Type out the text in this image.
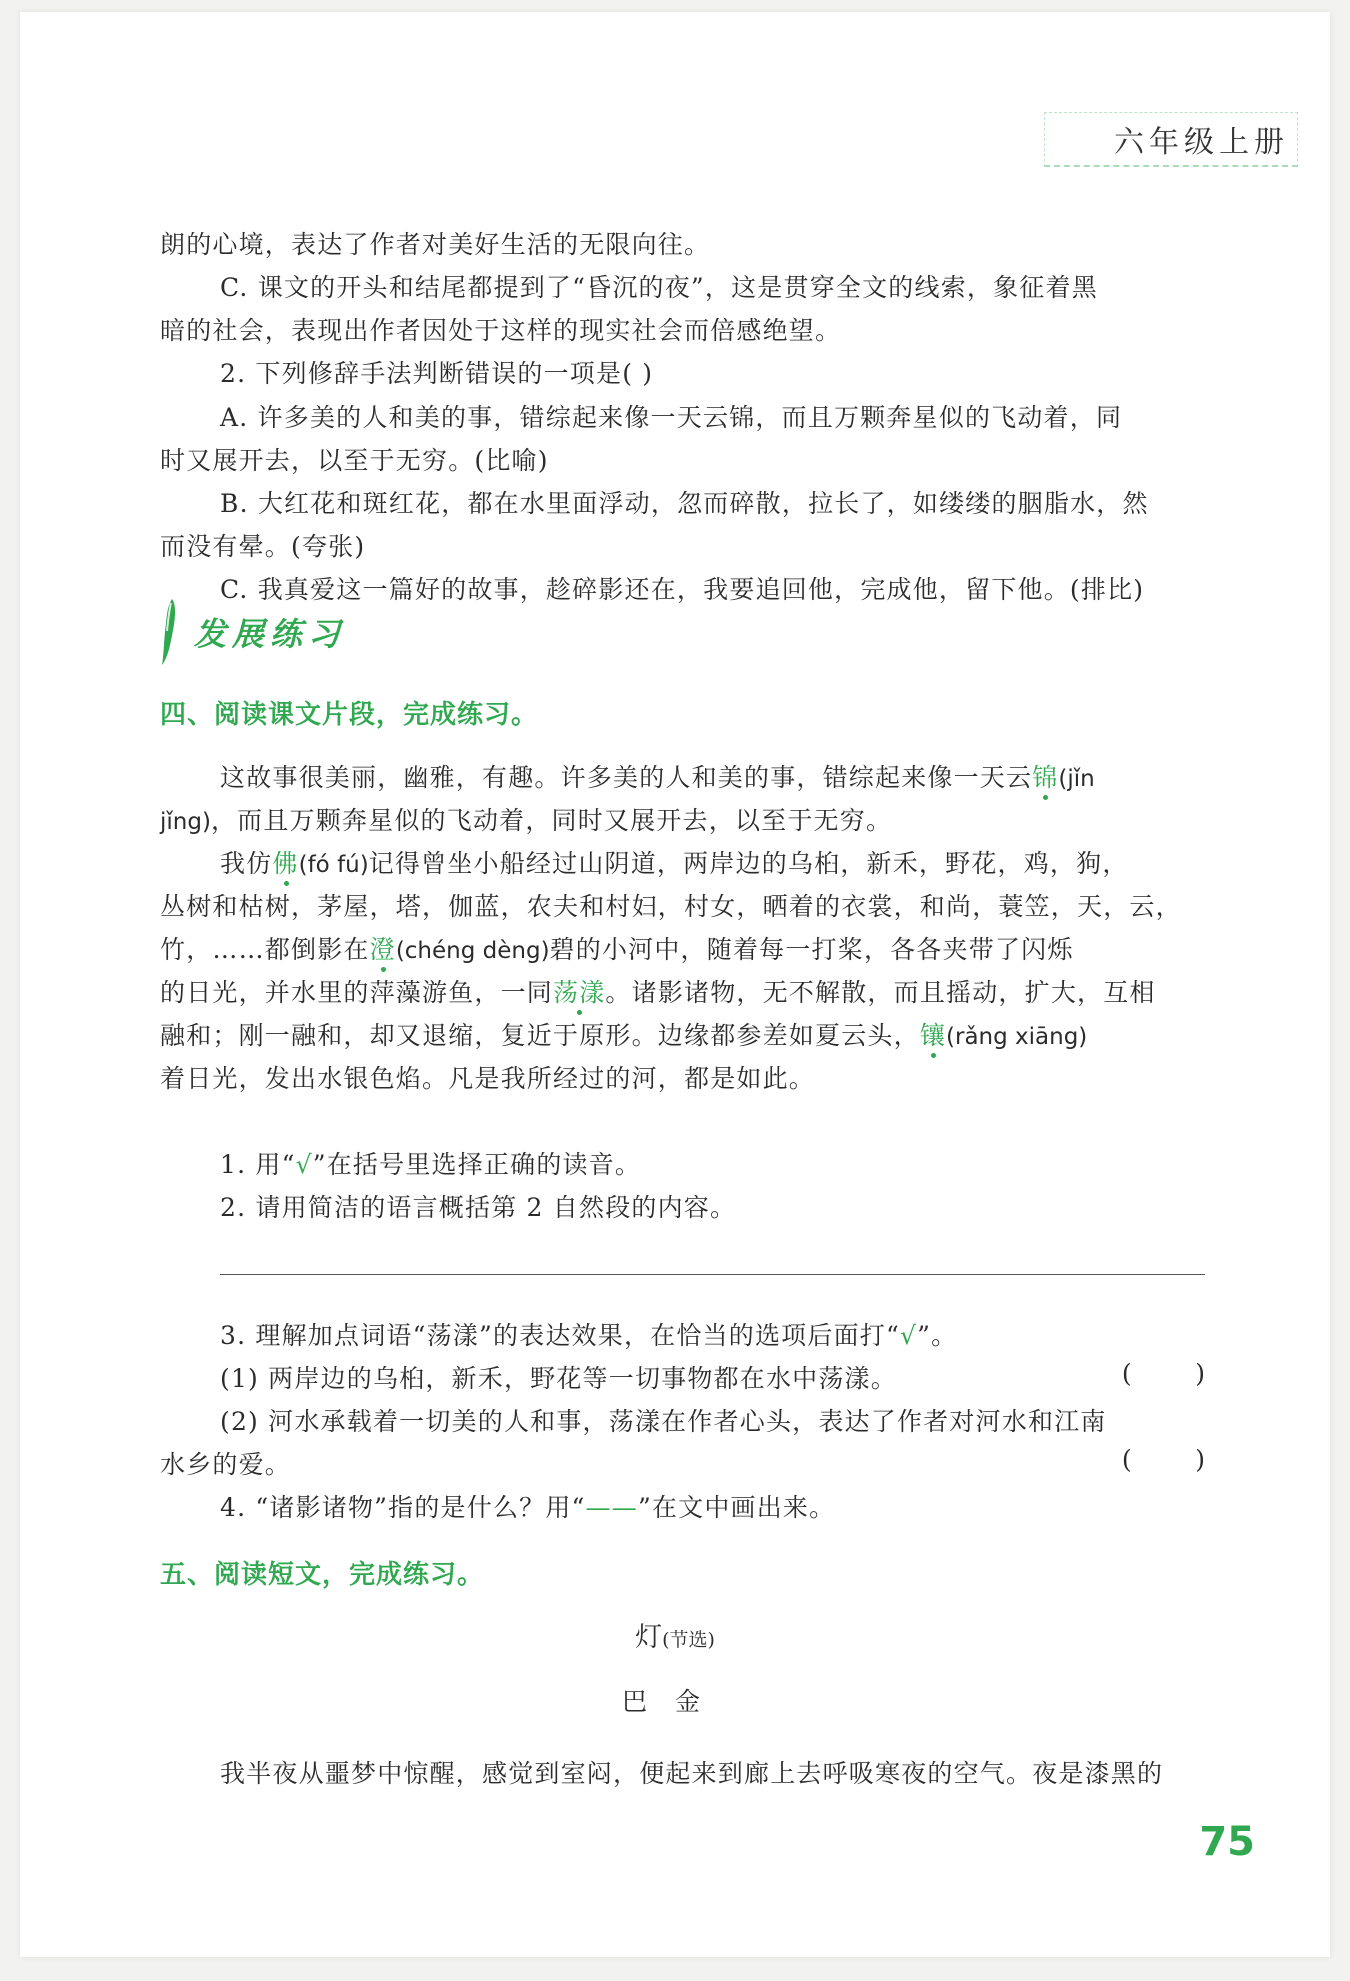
六年级上册
朗的心境，表达了作者对美好生活的无限向往。
C. 课文的开头和结尾都提到了“昏沉的夜”，这是贯穿全文的线索，象征着黑
暗的社会，表现出作者因处于这样的现实社会而倍感绝望。
2. 下列修辞手法判断错误的一项是( )
A. 许多美的人和美的事，错综起来像一天云锦，而且万颗奔星似的飞动着，同
时又展开去，以至于无穷。(比喻)
B. 大红花和斑红花，都在水里面浮动，忽而碎散，拉长了，如缕缕的胭脂水，然
而没有晕。(夸张)
C. 我真爱这一篇好的故事，趁碎影还在，我要追回他，完成他，留下他。(排比)
发展练习
四、阅读课文片段，完成练习。
这故事很美丽，幽雅，有趣。许多美的人和美的事，错综起来像一天云锦(jǐn
jǐng)，而且万颗奔星似的飞动着，同时又展开去，以至于无穷。
我仿佛(fó fú)记得曾坐小船经过山阴道，两岸边的乌桕，新禾，野花，鸡，狗，
丛树和枯树，茅屋，塔，伽蓝，农夫和村妇，村女，晒着的衣裳，和尚，蓑笠，天，云，
竹，……都倒影在澄(chéng dèng)碧的小河中，随着每一打桨，各各夹带了闪烁
的日光，并水里的萍藻游鱼，一同荡漾。诸影诸物，无不解散，而且摇动，扩大，互相
融和；刚一融和，却又退缩，复近于原形。边缘都参差如夏云头，镶(rǎng xiāng)
着日光，发出水银色焰。凡是我所经过的河，都是如此。
1. 用“√”在括号里选择正确的读音。
2. 请用简洁的语言概括第 2 自然段的内容。
3. 理解加点词语“荡漾”的表达效果，在恰当的选项后面打“√”。
(1) 两岸边的乌桕，新禾，野花等一切事物都在水中荡漾。	(        )
(2) 河水承载着一切美的人和事，荡漾在作者心头，表达了作者对河水和江南
水乡的爱。	(        )
4. “诸影诸物”指的是什么？用“——”在文中画出来。
五、阅读短文，完成练习。
灯(节选)
巴金
我半夜从噩梦中惊醒，感觉到室闷，便起来到廊上去呼吸寒夜的空气。夜是漆黑的
75
